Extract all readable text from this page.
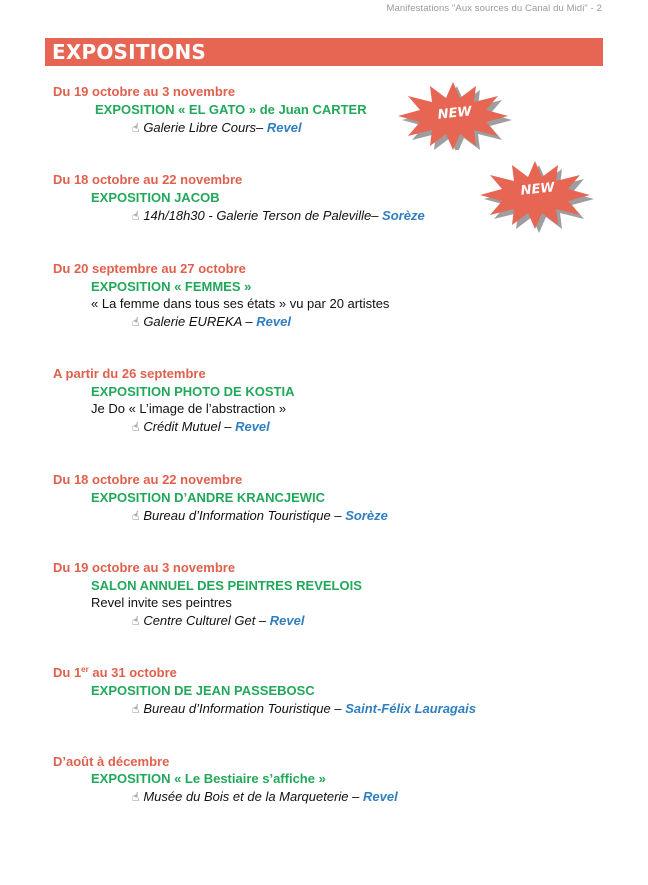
Manifestations "Aux sources du Canal du Midi" - 2
EXPOSITIONS
NEW
NEW
Du 19 octobre au 3 novembre
EXPOSITION « EL GATO » de Juan CARTER
☝ Galerie Libre Cours– Revel
Du 18 octobre au 22 novembre
EXPOSITION JACOB
☝ 14h/18h30 - Galerie Terson de Paleville– Sorèze
Du 20 septembre au 27 octobre
EXPOSITION « FEMMES »
« La femme dans tous ses états » vu par 20 artistes
☝ Galerie EUREKA – Revel
A partir du 26 septembre
EXPOSITION PHOTO DE KOSTIA
Je Do « L’image de l’abstraction »
☝ Crédit Mutuel – Revel
Du 18 octobre au 22 novembre
EXPOSITION D’ANDRE KRANCJEWIC
☝ Bureau d’Information Touristique – Sorèze
Du 19 octobre au 3 novembre
SALON ANNUEL DES PEINTRES REVELOIS
Revel invite ses peintres
☝ Centre Culturel Get – Revel
Du 1er au 31 octobre
EXPOSITION DE JEAN PASSEBOSC
☝ Bureau d’Information Touristique – Saint-Félix Lauragais
D’août à décembre
EXPOSITION « Le Bestiaire s’affiche »
☝ Musée du Bois et de la Marqueterie – Revel
